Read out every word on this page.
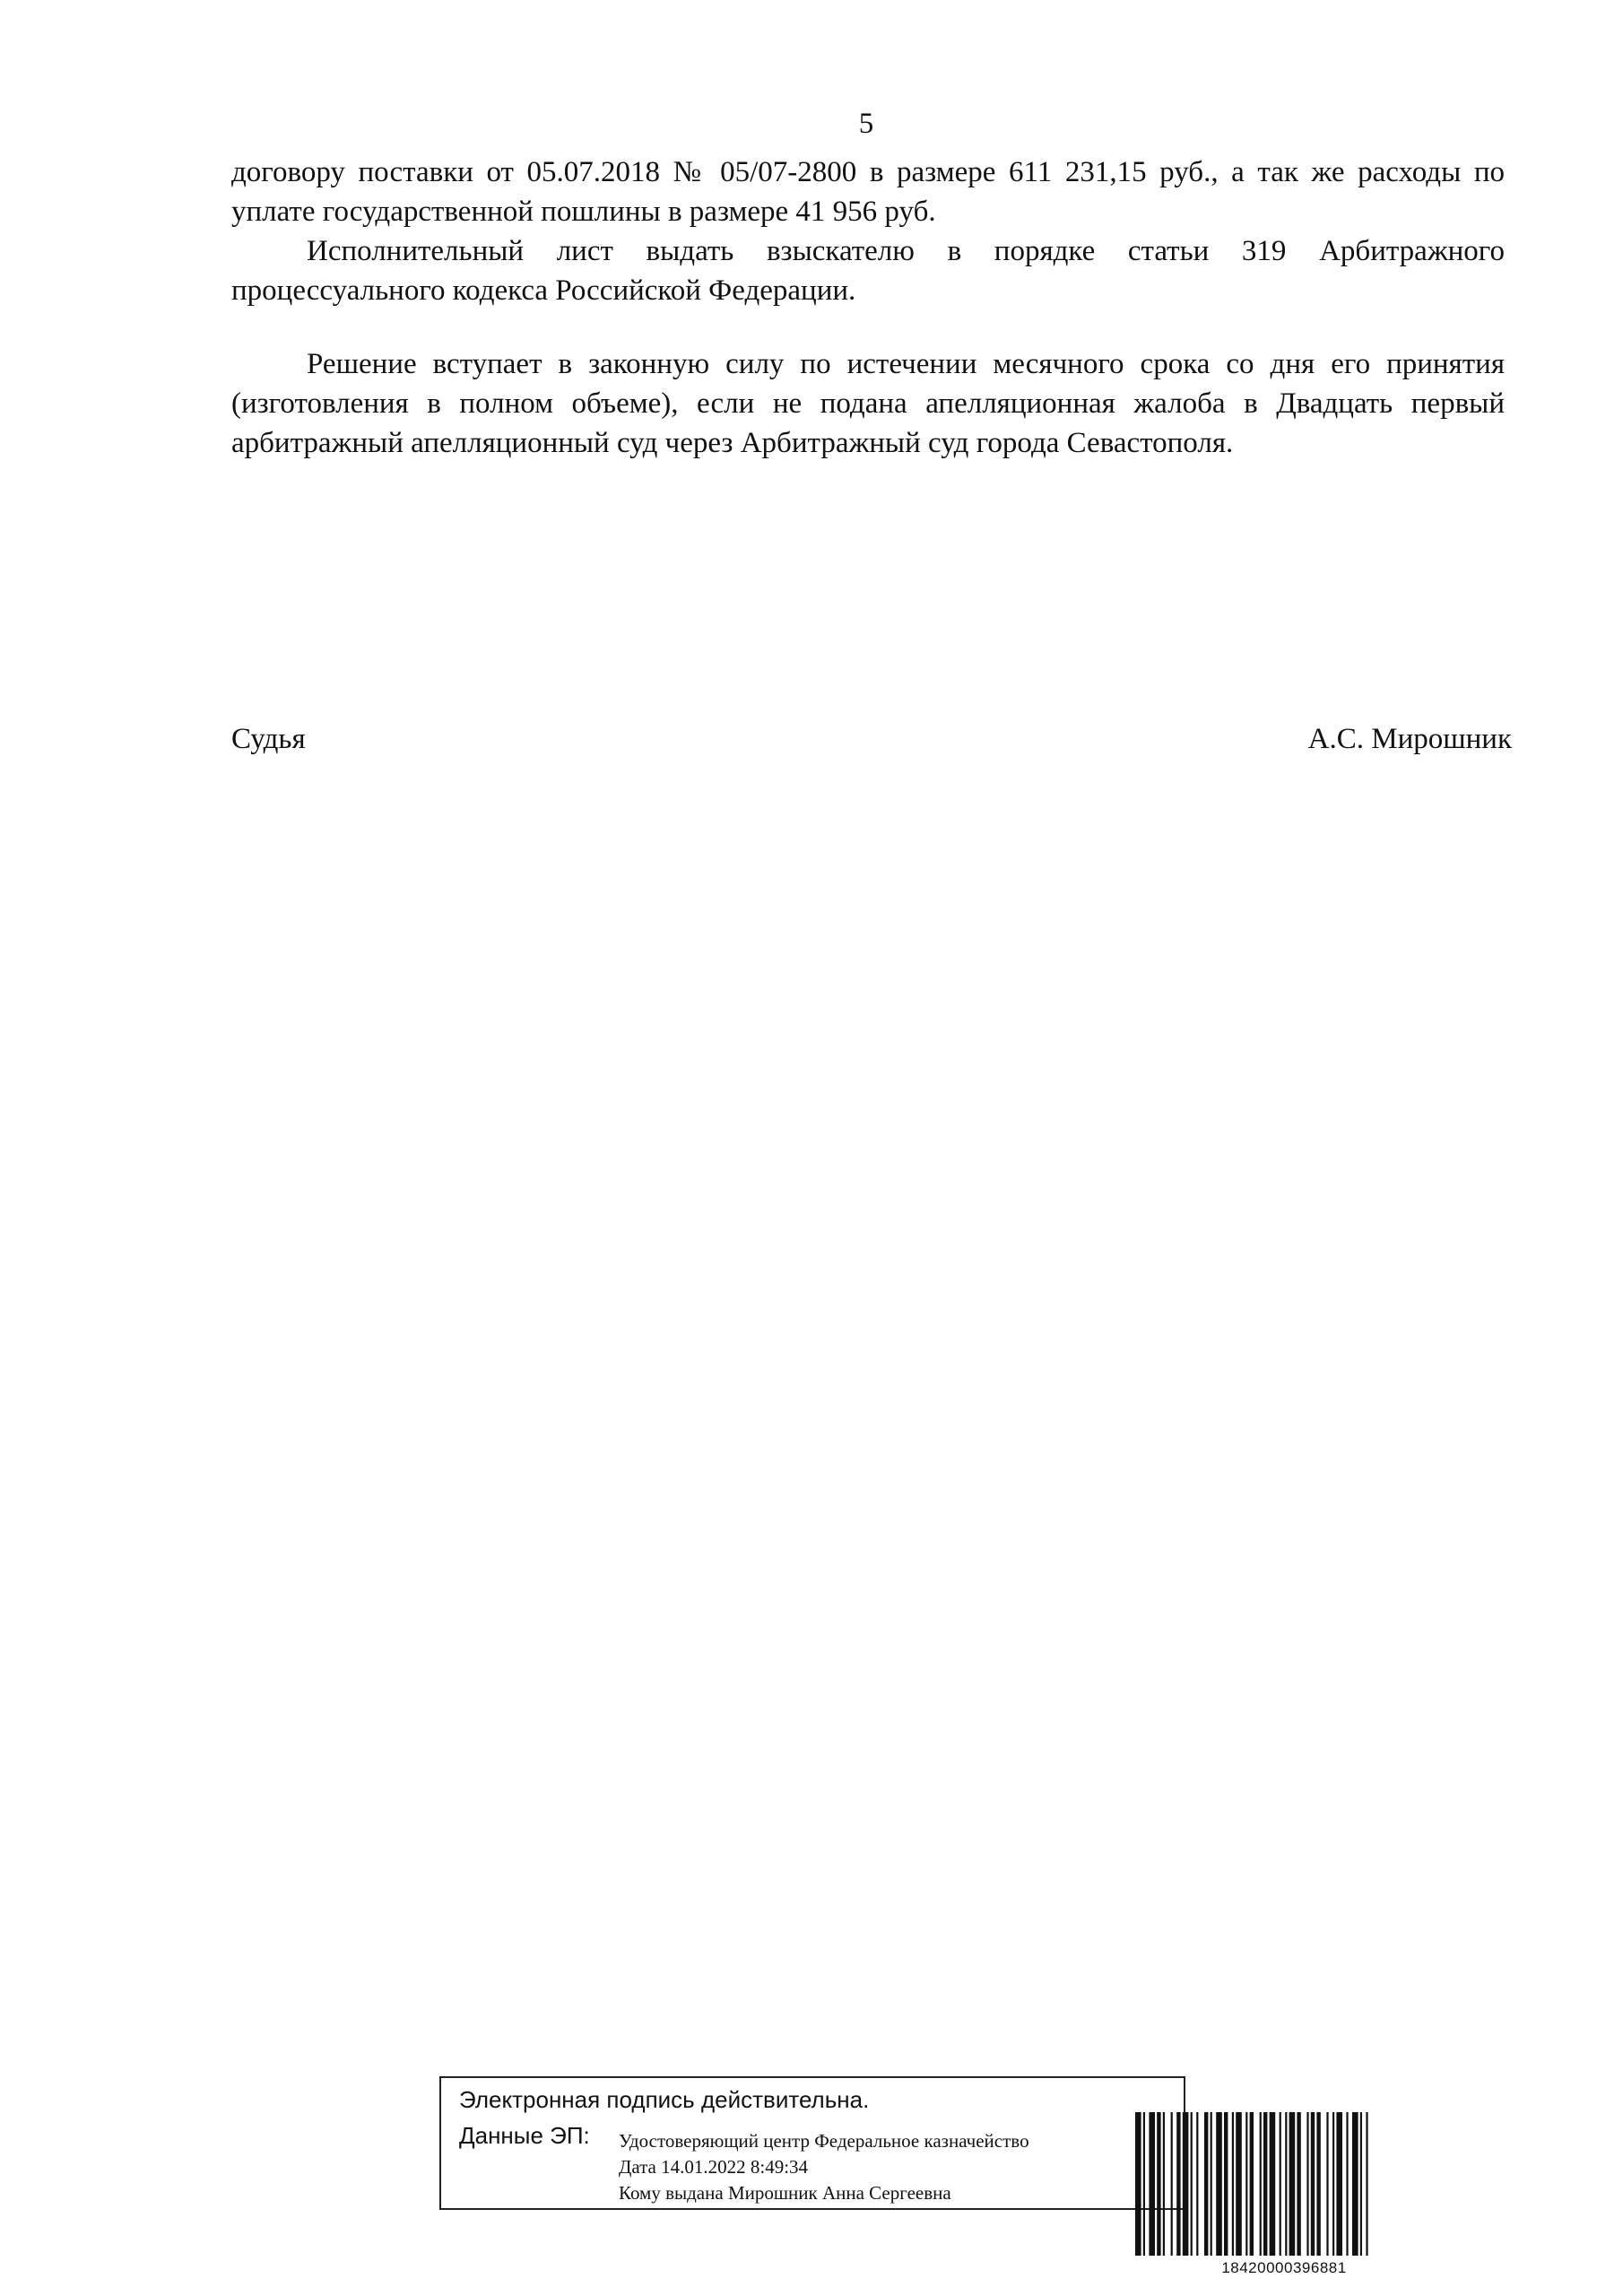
5
договору поставки от 05.07.2018 № 05/07-2800 в размере 611 231,15 руб., а так же расходы по уплате государственной пошлины в размере 41 956 руб.
Исполнительный лист выдать взыскателю в порядке статьи 319 Арбитражного процессуального кодекса Российской Федерации.
Решение вступает в законную силу по истечении месячного срока со дня его принятия (изготовления в полном объеме), если не подана апелляционная жалоба в Двадцать первый арбитражный апелляционный суд через Арбитражный суд города Севастополя.
Судья	А.С. Мирошник
Электронная подпись действительна.
Данные ЭП: Удостоверяющий центр Федеральное казначейство
Дата 14.01.2022 8:49:34
Кому выдана Мирошник Анна Сергеевна
18420000396881
